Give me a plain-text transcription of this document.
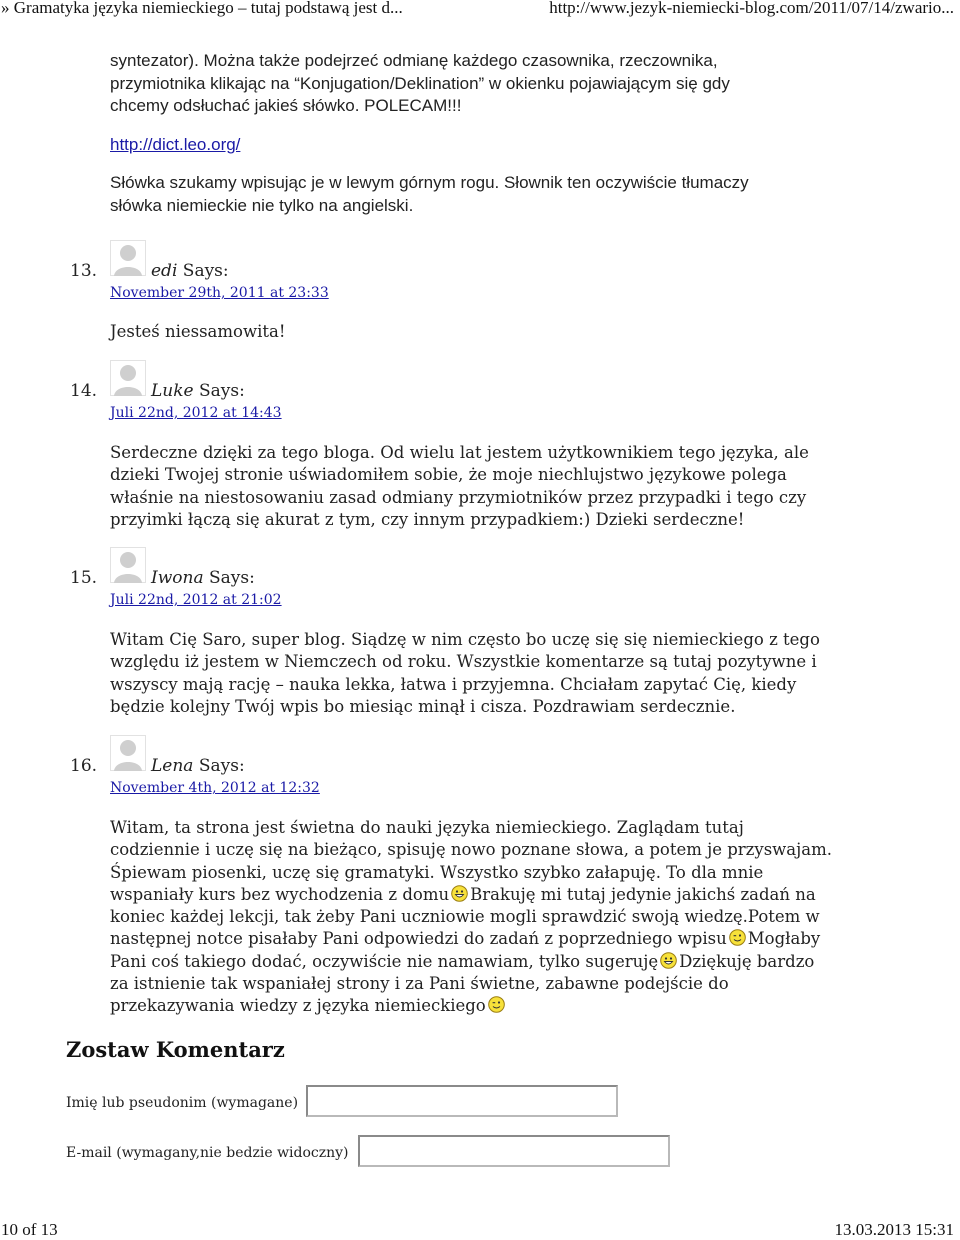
» Gramatyka języka niemieckiego – tutaj podstawą jest d...	http://www.jezyk-niemiecki-blog.com/2011/07/14/zwario...

syntezator). Można także podejrzeć odmianę każdego czasownika, rzeczownika,
przymiotnika klikając na “Konjugation/Deklination” w okienku pojawiającym się gdy
chcemy odsłuchać jakieś słówko. POLECAM!!!

http://dict.leo.org/

Słówka szukamy wpisując je w lewym górnym rogu. Słownik ten oczywiście tłumaczy
słówka niemieckie nie tylko na angielski.

13.	edi Says:
November 29th, 2011 at 23:33
Jesteś niessamowita!
14.	Luke Says:
Juli 22nd, 2012 at 14:43
Serdeczne dzięki za tego bloga. Od wielu lat jestem użytkownikiem tego języka, ale
dzieki Twojej stronie uświadomiłem sobie, że moje niechlujstwo językowe polega
właśnie na niestosowaniu zasad odmiany przymiotników przez przypadki i tego czy
przyimki łączą się akurat z tym, czy innym przypadkiem:) Dzieki serdeczne!
15.	Iwona Says:
Juli 22nd, 2012 at 21:02
Witam Cię Saro, super blog. Siądzę w nim często bo uczę się się niemieckiego z tego
względu iż jestem w Niemczech od roku. Wszystkie komentarze są tutaj pozytywne i
wszyscy mają rację – nauka lekka, łatwa i przyjemna. Chciałam zapytać Cię, kiedy
będzie kolejny Twój wpis bo miesiąc minął i cisza. Pozdrawiam serdecznie.
16.	Lena Says:
November 4th, 2012 at 12:32
Witam, ta strona jest świetna do nauki języka niemieckiego. Zaglądam tutaj
codziennie i uczę się na bieżąco, spisuję nowo poznane słowa, a potem je przyswajam.
Śpiewam piosenki, uczę się gramatyki. Wszystko szybko załapuję. To dla mnie
wspaniały kurs bez wychodzenia z domu Brakuję mi tutaj jedynie jakichś zadań na
koniec każdej lekcji, tak żeby Pani uczniowie mogli sprawdzić swoją wiedzę.Potem w
następnej notce pisałaby Pani odpowiedzi do zadań z poprzedniego wpisu Mogłaby
Pani coś takiego dodać, oczywiście nie namawiam, tylko sugeruję Dziękuję bardzo
za istnienie tak wspaniałej strony i za Pani świetne, zabawne podejście do
przekazywania wiedzy z języka niemieckiego
Zostaw Komentarz
Imię lub pseudonim (wymagane)
E-mail (wymagany,nie bedzie widoczny)
10 of 13	13.03.2013 15:31
